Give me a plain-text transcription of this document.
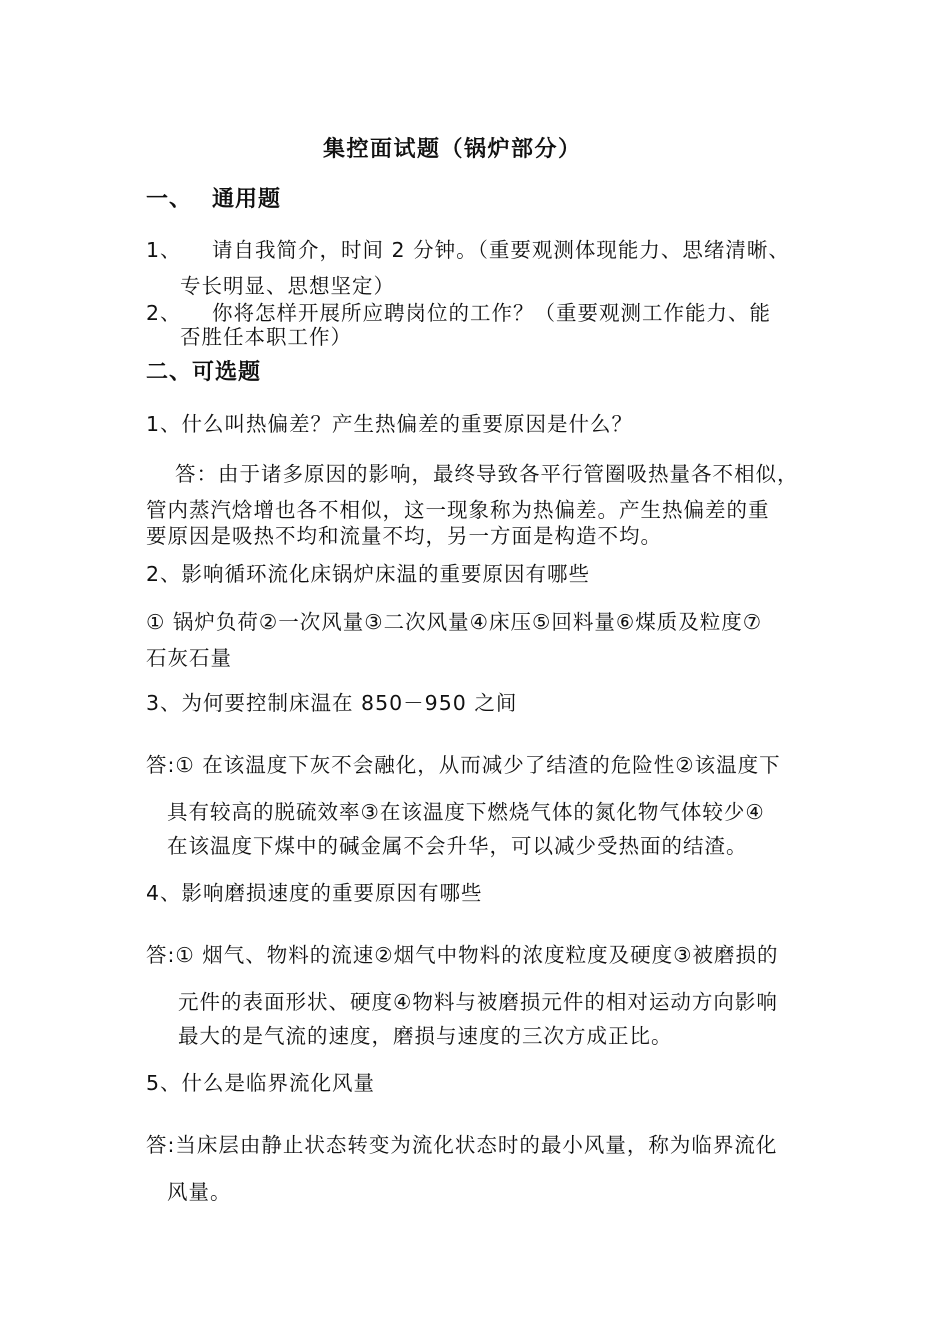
集控面试题（锅炉部分）
一、 通用题
1、 请自我简介，时间 2 分钟。（重要观测体现能力、思绪清晰、
专长明显、思想坚定）
2、 你将怎样开展所应聘岗位的工作？（重要观测工作能力、能
否胜任本职工作）
二、可选题
1、什么叫热偏差？产生热偏差的重要原因是什么？
答：由于诸多原因的影响，最终导致各平行管圈吸热量各不相似，
管内蒸汽焓增也各不相似，这一现象称为热偏差。产生热偏差的重
要原因是吸热不均和流量不均，另一方面是构造不均。
2、影响循环流化床锅炉床温的重要原因有哪些
① 锅炉负荷②一次风量③二次风量④床压⑤回料量⑥煤质及粒度⑦
石灰石量
3、为何要控制床温在 850－950 之间
答:① 在该温度下灰不会融化，从而减少了结渣的危险性②该温度下
具有较高的脱硫效率③在该温度下燃烧气体的氮化物气体较少④
在该温度下煤中的碱金属不会升华，可以减少受热面的结渣。
4、影响磨损速度的重要原因有哪些
答:① 烟气、物料的流速②烟气中物料的浓度粒度及硬度③被磨损的
元件的表面形状、硬度④物料与被磨损元件的相对运动方向影响
最大的是气流的速度，磨损与速度的三次方成正比。
5、什么是临界流化风量
答:当床层由静止状态转变为流化状态时的最小风量，称为临界流化
风量。
